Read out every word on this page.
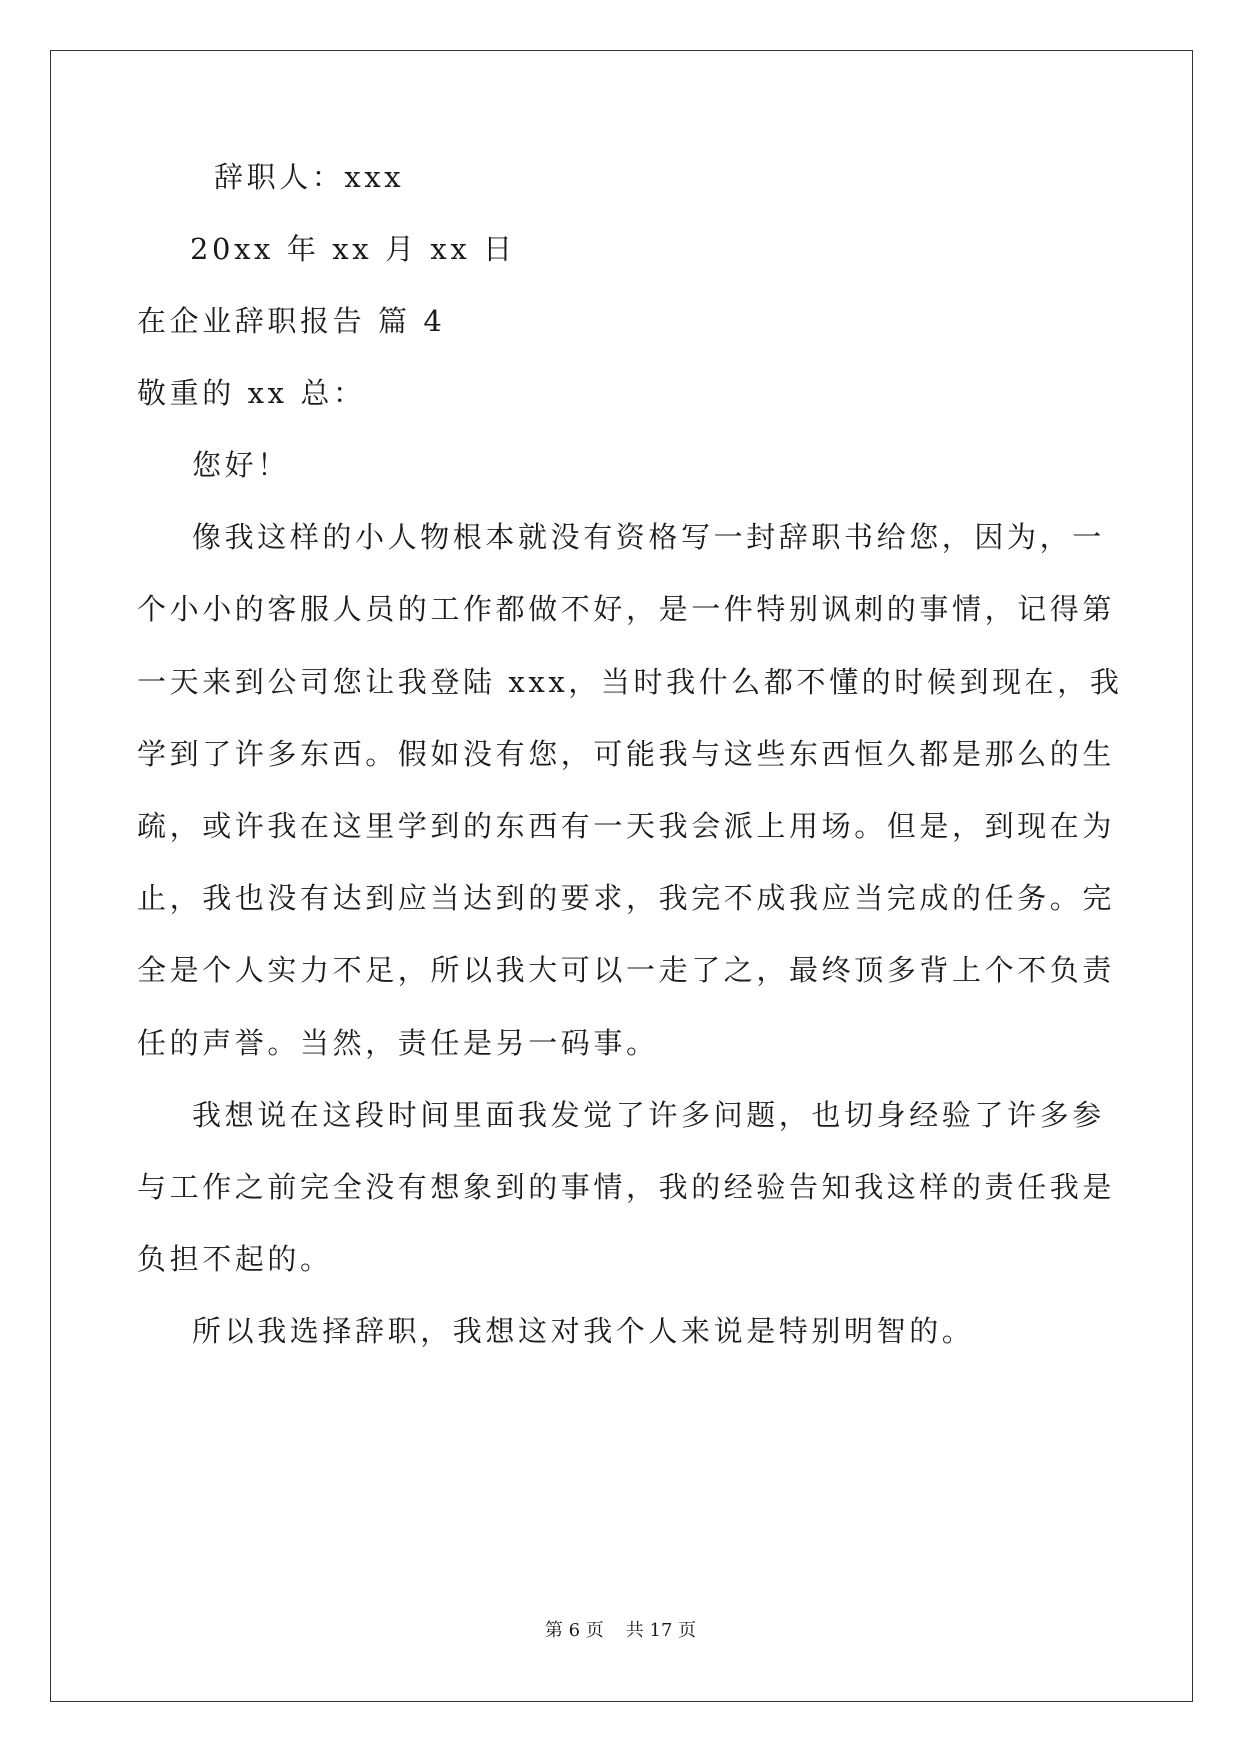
辞职人：xxx
20xx 年 xx 月 xx 日
在企业辞职报告 篇 4
敬重的 xx 总：
您好！
像我这样的小人物根本就没有资格写一封辞职书给您，因为，一
个小小的客服人员的工作都做不好，是一件特别讽刺的事情，记得第
一天来到公司您让我登陆 xxx，当时我什么都不懂的时候到现在，我
学到了许多东西。假如没有您，可能我与这些东西恒久都是那么的生
疏，或许我在这里学到的东西有一天我会派上用场。但是，到现在为
止，我也没有达到应当达到的要求，我完不成我应当完成的任务。完
全是个人实力不足，所以我大可以一走了之，最终顶多背上个不负责
任的声誉。当然，责任是另一码事。
我想说在这段时间里面我发觉了许多问题，也切身经验了许多参
与工作之前完全没有想象到的事情，我的经验告知我这样的责任我是
负担不起的。
所以我选择辞职，我想这对我个人来说是特别明智的。
第 6 页 共 17 页
